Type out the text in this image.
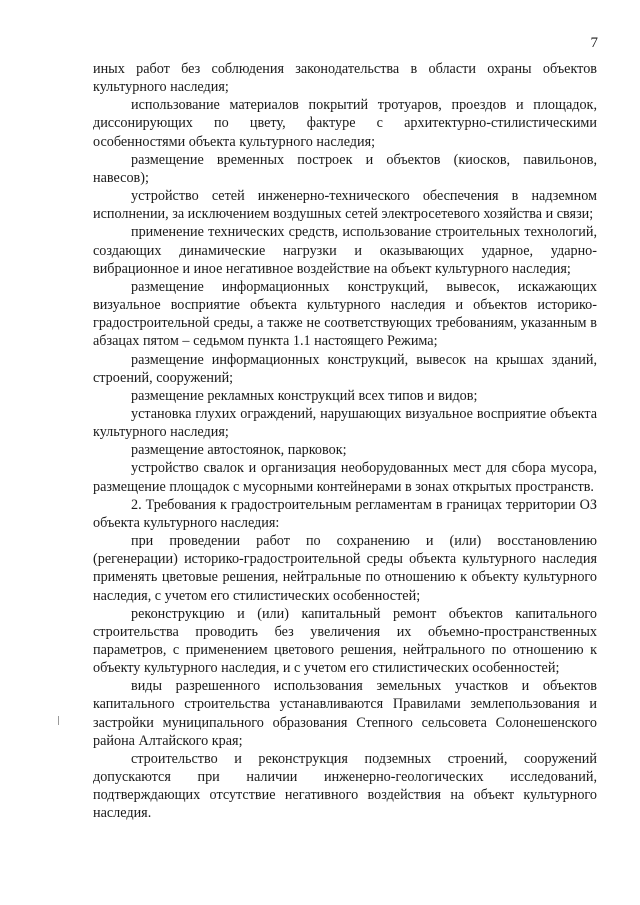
7

иных работ без соблюдения законодательства в области охраны объектов культурного наследия;

использование материалов покрытий тротуаров, проездов и площадок, диссонирующих по цвету, фактуре с архитектурно-стилистическими особенностями объекта культурного наследия;

размещение временных построек и объектов (киосков, павильонов, навесов);

устройство сетей инженерно-технического обеспечения в надземном исполнении, за исключением воздушных сетей электросетевого хозяйства и связи;

применение технических средств, использование строительных технологий, создающих динамические нагрузки и оказывающих ударное, ударно-вибрационное и иное негативное воздействие на объект культурного наследия;

размещение информационных конструкций, вывесок, искажающих визуальное восприятие объекта культурного наследия и объектов историко-градостроительной среды, а также не соответствующих требованиям, указанным в абзацах пятом – седьмом пункта 1.1 настоящего Режима;

размещение информационных конструкций, вывесок на крышах зданий, строений, сооружений;

размещение рекламных конструкций всех типов и видов;

установка глухих ограждений, нарушающих визуальное восприятие объекта культурного наследия;

размещение автостоянок, парковок;

устройство свалок и организация необорудованных мест для сбора мусора, размещение площадок с мусорными контейнерами в зонах открытых пространств.

2. Требования к градостроительным регламентам в границах территории ОЗ объекта культурного наследия:

при проведении работ по сохранению и (или) восстановлению (регенерации) историко-градостроительной среды объекта культурного наследия применять цветовые решения, нейтральные по отношению к объекту культурного наследия, с учетом его стилистических особенностей;

реконструкцию и (или) капитальный ремонт объектов капитального строительства проводить без увеличения их объемно-пространственных параметров, с применением цветового решения, нейтрального по отношению к объекту культурного наследия, и с учетом его стилистических особенностей;

виды разрешенного использования земельных участков и объектов капитального строительства устанавливаются Правилами землепользования и застройки муниципального образования Степного сельсовета Солонешенского района Алтайского края;

строительство и реконструкция подземных строений, сооружений допускаются при наличии инженерно-геологических исследований, подтверждающих отсутствие негативного воздействия на объект культурного наследия.
